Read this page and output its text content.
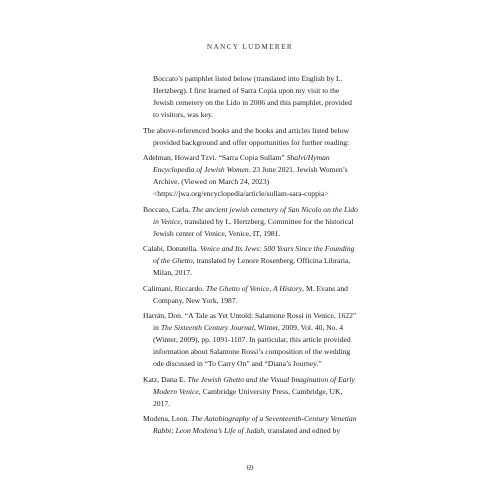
NANCY LUDMERER

Boccato’s pamphlet listed below (translated into English by L. Hertzberg). I first learned of Sarra Copia upon my visit to the Jewish cemetery on the Lido in 2006 and this pamphlet, provided to visitors, was key.

The above-referenced books and the books and articles listed below provided background and offer opportunities for further reading:

Adelman, Howard Tzvi. “Sarra Copia Sullam” Shalvi/Hyman Encyclopedia of Jewish Women. 23 June 2021. Jewish Women’s Archive. (Viewed on March 24, 2023) <https://jwa.org/encyclopedia/article/sullam-sara-coppia>

Boccato, Carla, The ancient jewish cemetery of San Nicolo on the Lido in Venice, translated by L. Hertzberg, Committee for the historical Jewish center of Venice, Venice, IT, 1981.

Calabi, Donatella. Venice and Its Jews: 500 Years Since the Founding of the Ghetto, translated by Lenore Rosenberg, Officina Libraria, Milan, 2017.

Calimani, Riccardo. The Ghetto of Venice, A History, M. Evans and Company, New York, 1987.

Harrán, Don. “A Tale as Yet Untold: Salamone Rossi in Venice, 1622” in The Sixteenth Century Journal, Winter, 2009, Vol. 40, No. 4 (Winter, 2009), pp. 1091-1107. In particular, this article provided information about Salamone Rossi’s composition of the wedding ode discussed in “To Carry On” and “Diana’s Journey.”

Katz, Dana E. The Jewish Ghetto and the Visual Imagination of Early Modern Venice, Cambridge University Press, Cambridge, UK, 2017.

Modena, Leon. The Autobiography of a Seventeenth-Century Venetian Rabbi; Leon Modena’s Life of Judah, translated and edited by

69
